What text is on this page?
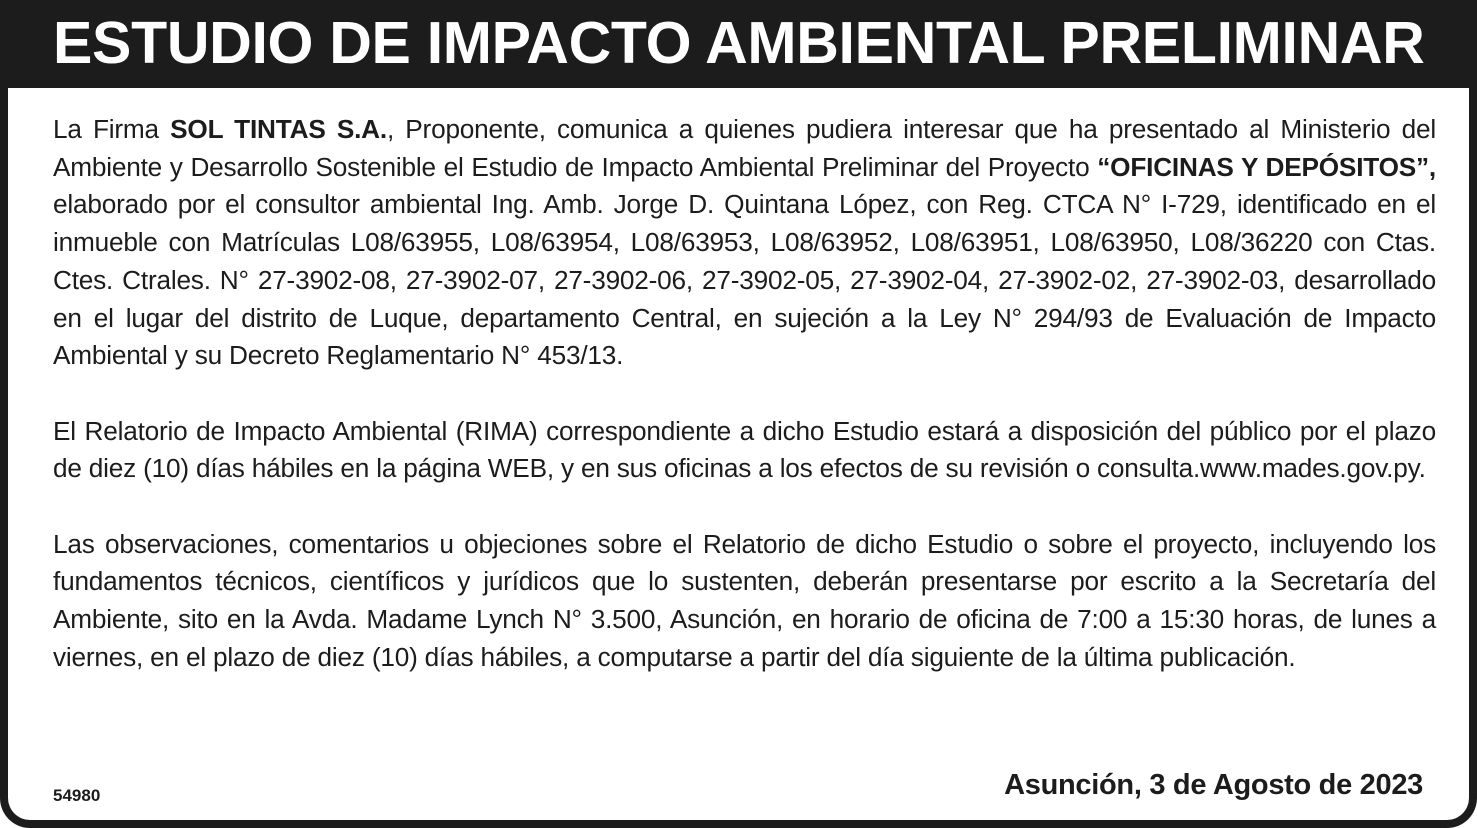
ESTUDIO DE IMPACTO AMBIENTAL PRELIMINAR

La Firma SOL TINTAS S.A., Proponente, comunica a quienes pudiera interesar que ha presentado al Ministerio del Ambiente y Desarrollo Sostenible el Estudio de Impacto Ambiental Preliminar del Proyecto “OFICINAS Y DEPÓSITOS”, elaborado por el consultor ambiental Ing. Amb. Jorge D. Quintana López, con Reg. CTCA N° I-729, identificado en el inmueble con Matrículas L08/63955, L08/63954, L08/63953, L08/63952, L08/63951, L08/63950, L08/36220 con Ctas. Ctes. Ctrales. N° 27-3902-08, 27-3902-07, 27-3902-06, 27-3902-05, 27-3902-04, 27-3902-02, 27-3902-03, desarrollado en el lugar del distrito de Luque, departamento Central, en sujeción a la Ley N° 294/93 de Evaluación de Impacto Ambiental y su Decreto Reglamentario N° 453/13.

El Relatorio de Impacto Ambiental (RIMA) correspondiente a dicho Estudio estará a disposición del público por el plazo de diez (10) días hábiles en la página WEB, y en sus oficinas a los efectos de su revisión o consulta.www.mades.gov.py.

Las observaciones, comentarios u objeciones sobre el Relatorio de dicho Estudio o sobre el proyecto, incluyendo los fundamentos técnicos, científicos y jurídicos que lo sustenten, deberán presentarse por escrito a la Secretaría del Ambiente, sito en la Avda. Madame Lynch N° 3.500, Asunción, en horario de oficina de 7:00 a 15:30 horas, de lunes a viernes, en el plazo de diez (10) días hábiles, a computarse a partir del día siguiente de la última publicación.

54980	Asunción, 3 de Agosto de 2023
